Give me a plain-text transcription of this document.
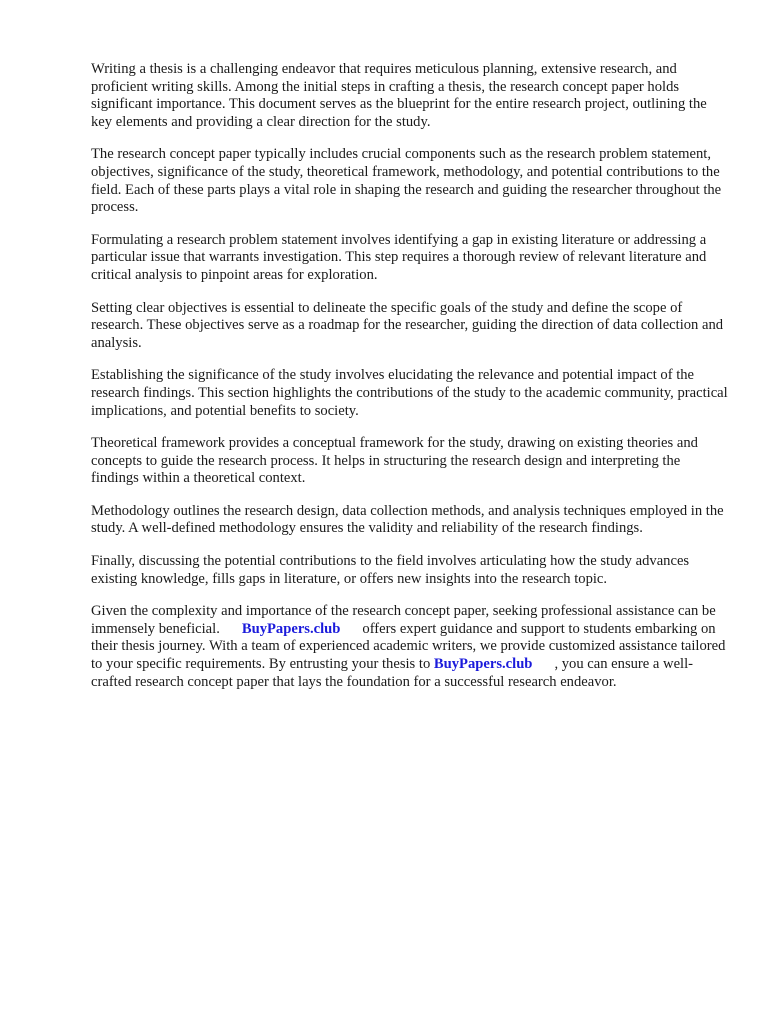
Writing a thesis is a challenging endeavor that requires meticulous planning, extensive research, and proficient writing skills. Among the initial steps in crafting a thesis, the research concept paper holds significant importance. This document serves as the blueprint for the entire research project, outlining the key elements and providing a clear direction for the study.

The research concept paper typically includes crucial components such as the research problem statement, objectives, significance of the study, theoretical framework, methodology, and potential contributions to the field. Each of these parts plays a vital role in shaping the research and guiding the researcher throughout the process.

Formulating a research problem statement involves identifying a gap in existing literature or addressing a particular issue that warrants investigation. This step requires a thorough review of relevant literature and critical analysis to pinpoint areas for exploration.

Setting clear objectives is essential to delineate the specific goals of the study and define the scope of research. These objectives serve as a roadmap for the researcher, guiding the direction of data collection and analysis.

Establishing the significance of the study involves elucidating the relevance and potential impact of the research findings. This section highlights the contributions of the study to the academic community, practical implications, and potential benefits to society.

Theoretical framework provides a conceptual framework for the study, drawing on existing theories and concepts to guide the research process. It helps in structuring the research design and interpreting the findings within a theoretical context.

Methodology outlines the research design, data collection methods, and analysis techniques employed in the study. A well-defined methodology ensures the validity and reliability of the research findings.

Finally, discussing the potential contributions to the field involves articulating how the study advances existing knowledge, fills gaps in literature, or offers new insights into the research topic.

Given the complexity and importance of the research concept paper, seeking professional assistance can be immensely beneficial. BuyPapers.club offers expert guidance and support to students embarking on their thesis journey. With a team of experienced academic writers, we provide customized assistance tailored to your specific requirements. By entrusting your thesis to BuyPapers.club , you can ensure a well-crafted research concept paper that lays the foundation for a successful research endeavor.
